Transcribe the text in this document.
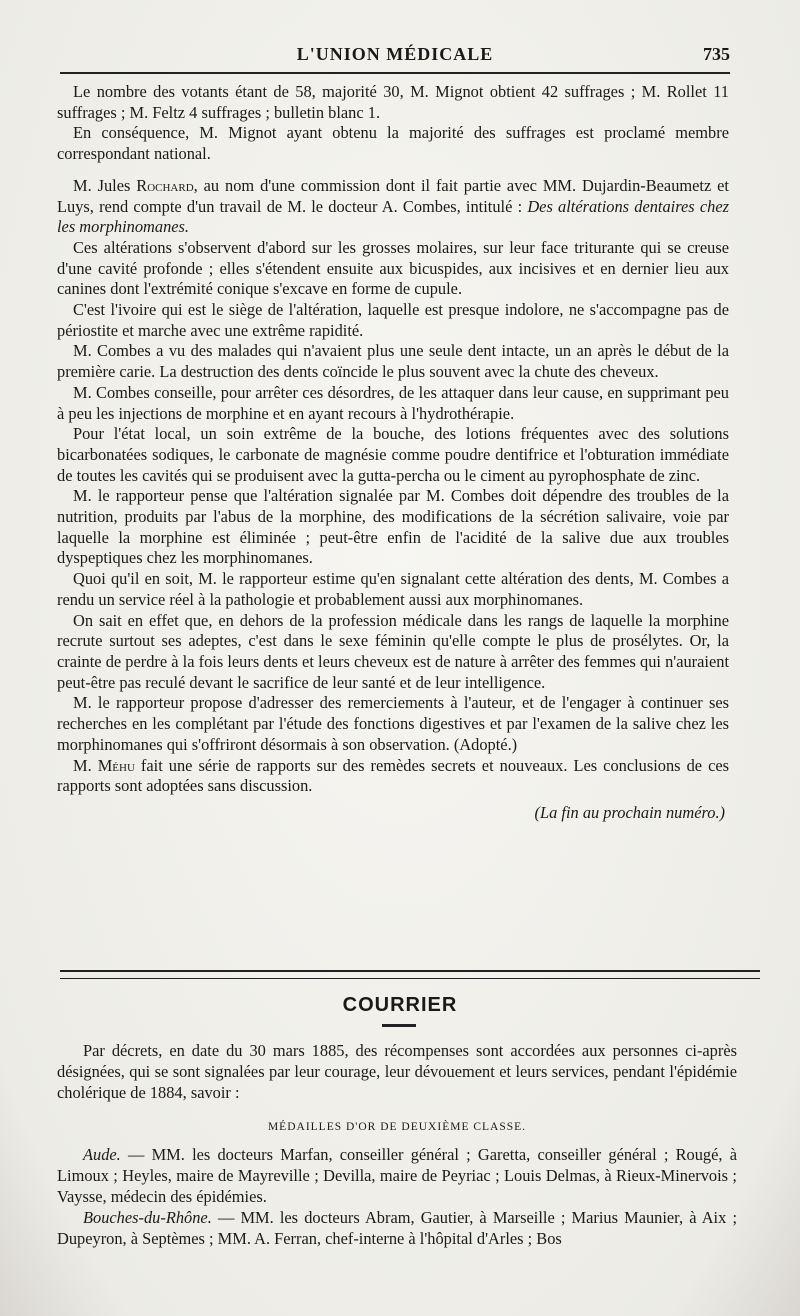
L'UNION MÉDICALE	735

Le nombre des votants étant de 58, majorité 30, M. Mignot obtient 42 suffrages ; M. Rollet 11 suffrages ; M. Feltz 4 suffrages ; bulletin blanc 1.

En conséquence, M. Mignot ayant obtenu la majorité des suffrages est proclamé membre correspondant national.

M. Jules Rochard, au nom d'une commission dont il fait partie avec MM. Dujardin-Beaumetz et Luys, rend compte d'un travail de M. le docteur A. Combes, intitulé : Des altérations dentaires chez les morphinomanes.

Ces altérations s'observent d'abord sur les grosses molaires, sur leur face triturante qui se creuse d'une cavité profonde ; elles s'étendent ensuite aux bicuspides, aux incisives et en dernier lieu aux canines dont l'extrémité conique s'excave en forme de cupule.

C'est l'ivoire qui est le siège de l'altération, laquelle est presque indolore, ne s'accompagne pas de périostite et marche avec une extrême rapidité.

M. Combes a vu des malades qui n'avaient plus une seule dent intacte, un an après le début de la première carie. La destruction des dents coïncide le plus souvent avec la chute des cheveux.

M. Combes conseille, pour arrêter ces désordres, de les attaquer dans leur cause, en supprimant peu à peu les injections de morphine et en ayant recours à l'hydrothérapie.

Pour l'état local, un soin extrême de la bouche, des lotions fréquentes avec des solutions bicarbonatées sodiques, le carbonate de magnésie comme poudre dentifrice et l'obturation immédiate de toutes les cavités qui se produisent avec la gutta-percha ou le ciment au pyrophosphate de zinc.

M. le rapporteur pense que l'altération signalée par M. Combes doit dépendre des troubles de la nutrition, produits par l'abus de la morphine, des modifications de la sécrétion salivaire, voie par laquelle la morphine est éliminée ; peut-être enfin de l'acidité de la salive due aux troubles dyspeptiques chez les morphinomanes.

Quoi qu'il en soit, M. le rapporteur estime qu'en signalant cette altération des dents, M. Combes a rendu un service réel à la pathologie et probablement aussi aux morphinomanes.

On sait en effet que, en dehors de la profession médicale dans les rangs de laquelle la morphine recrute surtout ses adeptes, c'est dans le sexe féminin qu'elle compte le plus de prosélytes. Or, la crainte de perdre à la fois leurs dents et leurs cheveux est de nature à arrêter des femmes qui n'auraient peut-être pas reculé devant le sacrifice de leur santé et de leur intelligence.

M. le rapporteur propose d'adresser des remerciements à l'auteur, et de l'engager à continuer ses recherches en les complétant par l'étude des fonctions digestives et par l'examen de la salive chez les morphinomanes qui s'offriront désormais à son observation. (Adopté.)

M. Méhu fait une série de rapports sur des remèdes secrets et nouveaux. Les conclusions de ces rapports sont adoptées sans discussion.

(La fin au prochain numéro.)
COURRIER

Par décrets, en date du 30 mars 1885, des récompenses sont accordées aux personnes ci-après désignées, qui se sont signalées par leur courage, leur dévouement et leurs services, pendant l'épidémie cholérique de 1884, savoir :

MÉDAILLES D'OR DE DEUXIÈME CLASSE.

Aude. — MM. les docteurs Marfan, conseiller général ; Garetta, conseiller général ; Rougé, à Limoux ; Heyles, maire de Mayreville ; Devilla, maire de Peyriac ; Louis Delmas, à Rieux-Minervois ; Vaysse, médecin des épidémies.

Bouches-du-Rhône. — MM. les docteurs Abram, Gautier, à Marseille ; Marius Maunier, à Aix ; Dupeyron, à Septèmes ; MM. A. Ferran, chef-interne à l'hôpital d'Arles ; Bos
